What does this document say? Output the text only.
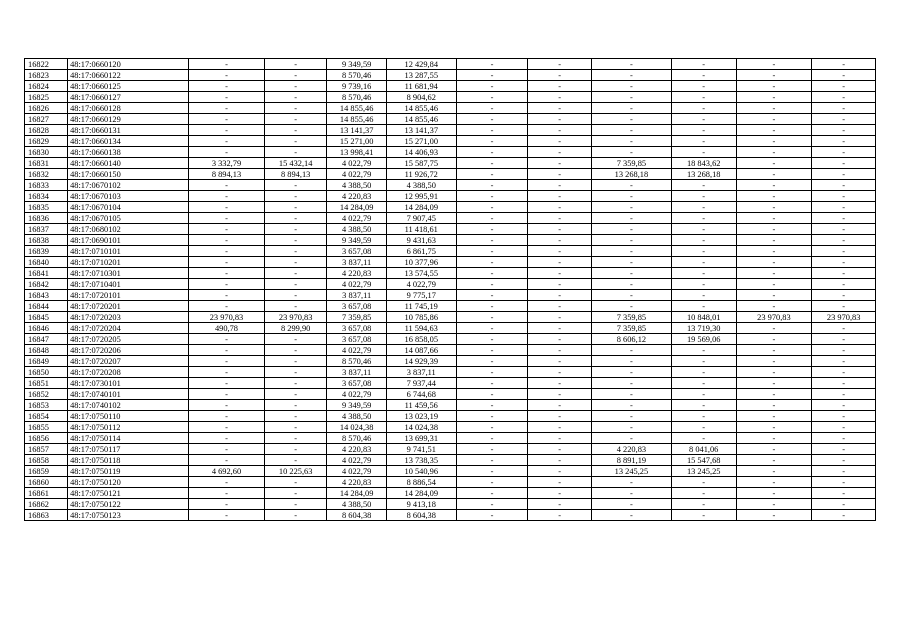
16822	48:17:0660120	-	-	9 349,59	12 429,84	-	-	-	-	-	-
16823	48:17:0660122	-	-	8 570,46	13 287,55	-	-	-	-	-	-
16824	48:17:0660125	-	-	9 739,16	11 681,94	-	-	-	-	-	-
16825	48:17:0660127	-	-	8 570,46	8 904,62	-	-	-	-	-	-
16826	48:17:0660128	-	-	14 855,46	14 855,46	-	-	-	-	-	-
16827	48:17:0660129	-	-	14 855,46	14 855,46	-	-	-	-	-	-
16828	48:17:0660131	-	-	13 141,37	13 141,37	-	-	-	-	-	-
16829	48:17:0660134	-	-	15 271,00	15 271,00	-	-	-	-	-	-
16830	48:17:0660138	-	-	13 998,41	14 406,93	-	-	-	-	-	-
16831	48:17:0660140	3 332,79	15 432,14	4 022,79	15 587,75	-	-	7 359,85	18 843,62	-	-
16832	48:17:0660150	8 894,13	8 894,13	4 022,79	11 926,72	-	-	13 268,18	13 268,18	-	-
16833	48:17:0670102	-	-	4 388,50	4 388,50	-	-	-	-	-	-
16834	48:17:0670103	-	-	4 220,83	12 995,91	-	-	-	-	-	-
16835	48:17:0670104	-	-	14 284,09	14 284,09	-	-	-	-	-	-
16836	48:17:0670105	-	-	4 022,79	7 907,45	-	-	-	-	-	-
16837	48:17:0680102	-	-	4 388,50	11 418,61	-	-	-	-	-	-
16838	48:17:0690101	-	-	9 349,59	9 431,63	-	-	-	-	-	-
16839	48:17:0710101	-	-	3 657,08	6 861,75	-	-	-	-	-	-
16840	48:17:0710201	-	-	3 837,11	10 377,96	-	-	-	-	-	-
16841	48:17:0710301	-	-	4 220,83	13 574,55	-	-	-	-	-	-
16842	48:17:0710401	-	-	4 022,79	4 022,79	-	-	-	-	-	-
16843	48:17:0720101	-	-	3 837,11	9 775,17	-	-	-	-	-	-
16844	48:17:0720201	-	-	3 657,08	11 745,19	-	-	-	-	-	-
16845	48:17:0720203	23 970,83	23 970,83	7 359,85	10 785,86	-	-	7 359,85	10 848,01	23 970,83	23 970,83
16846	48:17:0720204	490,78	8 299,90	3 657,08	11 594,63	-	-	7 359,85	13 719,30	-	-
16847	48:17:0720205	-	-	3 657,08	16 858,05	-	-	8 606,12	19 569,06	-	-
16848	48:17:0720206	-	-	4 022,79	14 087,66	-	-	-	-	-	-
16849	48:17:0720207	-	-	8 570,46	14 929,39	-	-	-	-	-	-
16850	48:17:0720208	-	-	3 837,11	3 837,11	-	-	-	-	-	-
16851	48:17:0730101	-	-	3 657,08	7 937,44	-	-	-	-	-	-
16852	48:17:0740101	-	-	4 022,79	6 744,68	-	-	-	-	-	-
16853	48:17:0740102	-	-	9 349,59	11 459,56	-	-	-	-	-	-
16854	48:17:0750110	-	-	4 388,50	13 023,19	-	-	-	-	-	-
16855	48:17:0750112	-	-	14 024,38	14 024,38	-	-	-	-	-	-
16856	48:17:0750114	-	-	8 570,46	13 699,31	-	-	-	-	-	-
16857	48:17:0750117	-	-	4 220,83	9 741,51	-	-	4 220,83	8 041,06	-	-
16858	48:17:0750118	-	-	4 022,79	13 738,35	-	-	8 891,19	15 547,68	-	-
16859	48:17:0750119	4 692,60	10 225,63	4 022,79	10 540,96	-	-	13 245,25	13 245,25	-	-
16860	48:17:0750120	-	-	4 220,83	8 886,54	-	-	-	-	-	-
16861	48:17:0750121	-	-	14 284,09	14 284,09	-	-	-	-	-	-
16862	48:17:0750122	-	-	4 388,50	9 413,18	-	-	-	-	-	-
16863	48:17:0750123	-	-	8 604,38	8 604,38	-	-	-	-	-	-
